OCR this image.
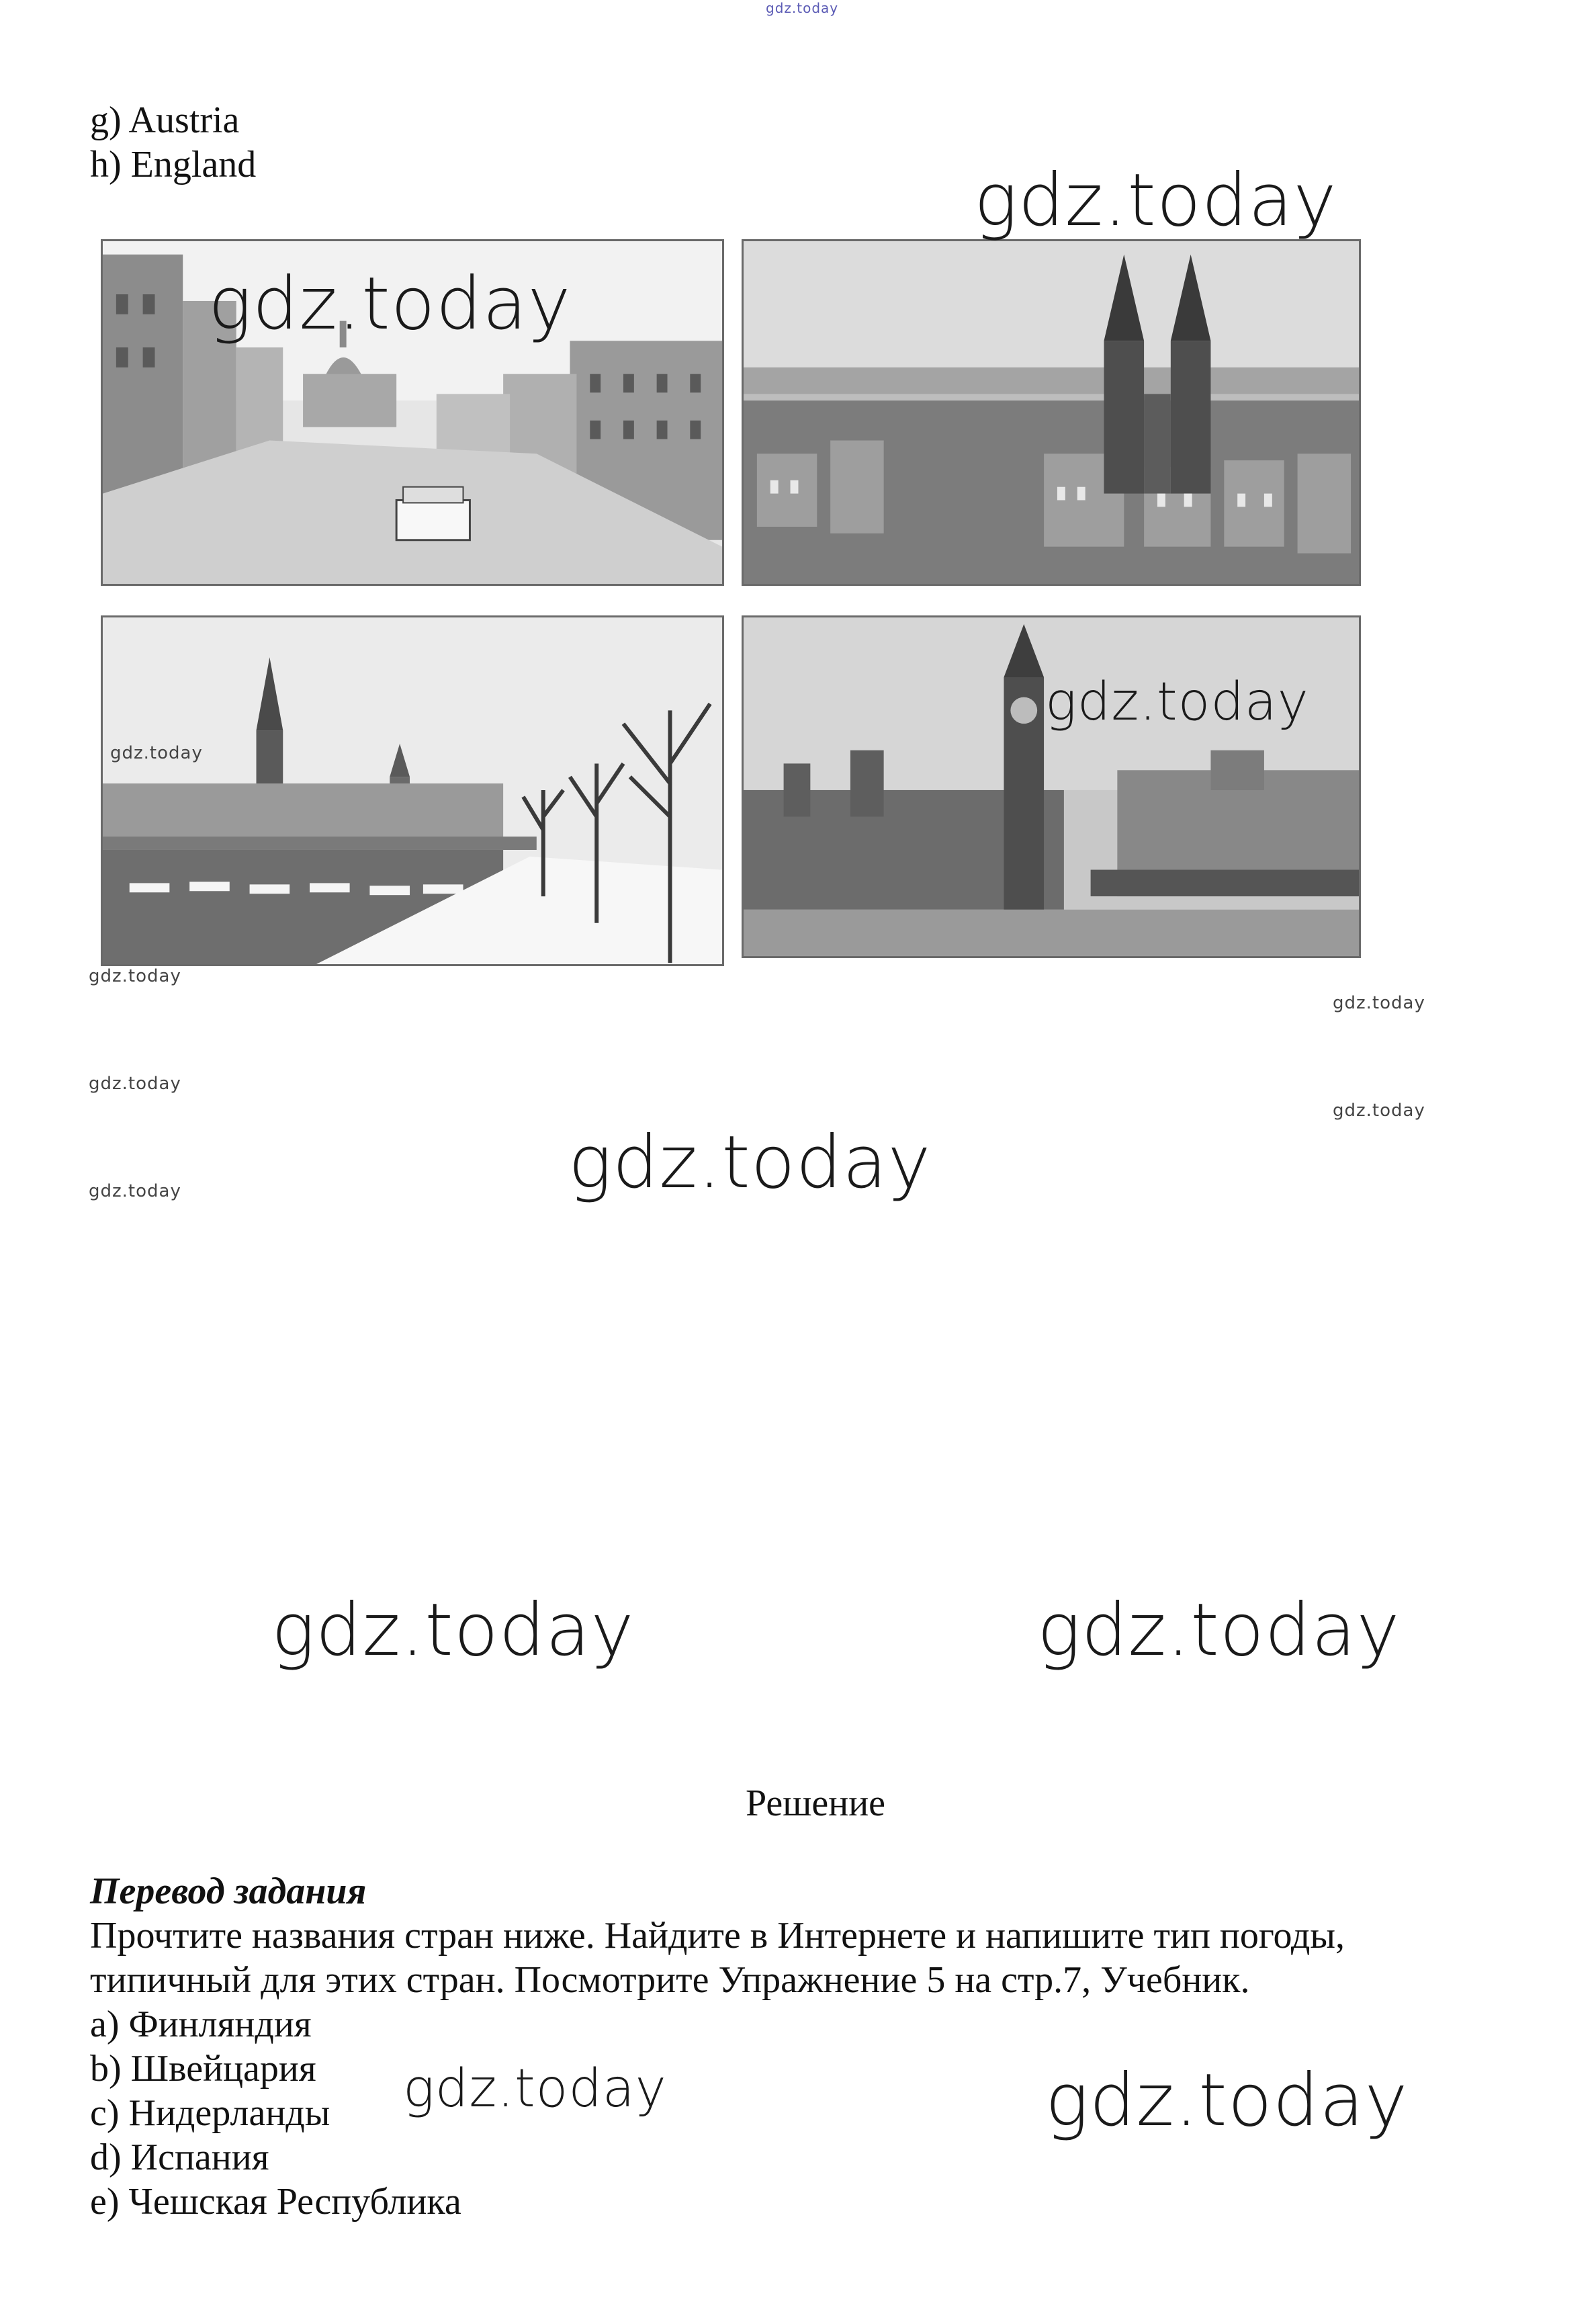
gdz.today
g) Austria
h) England	gdz.today
gdz.today
gdz.today
gdz.today
gdz.today
gdz.today
gdz.today
gdz.today
gdz.today	gdz.today
gdz.today	gdz.today
Решение
Перевод задания
Прочтите названия стран ниже. Найдите в Интернете и напишите тип погоды,
типичный для этих стран. Посмотрите Упражнение 5 на стр.7, Учебник.
a) Финляндия
b) Швейцария
c) Нидерланды
d) Испания
e) Чешская Республика
gdz.today	gdz.today
